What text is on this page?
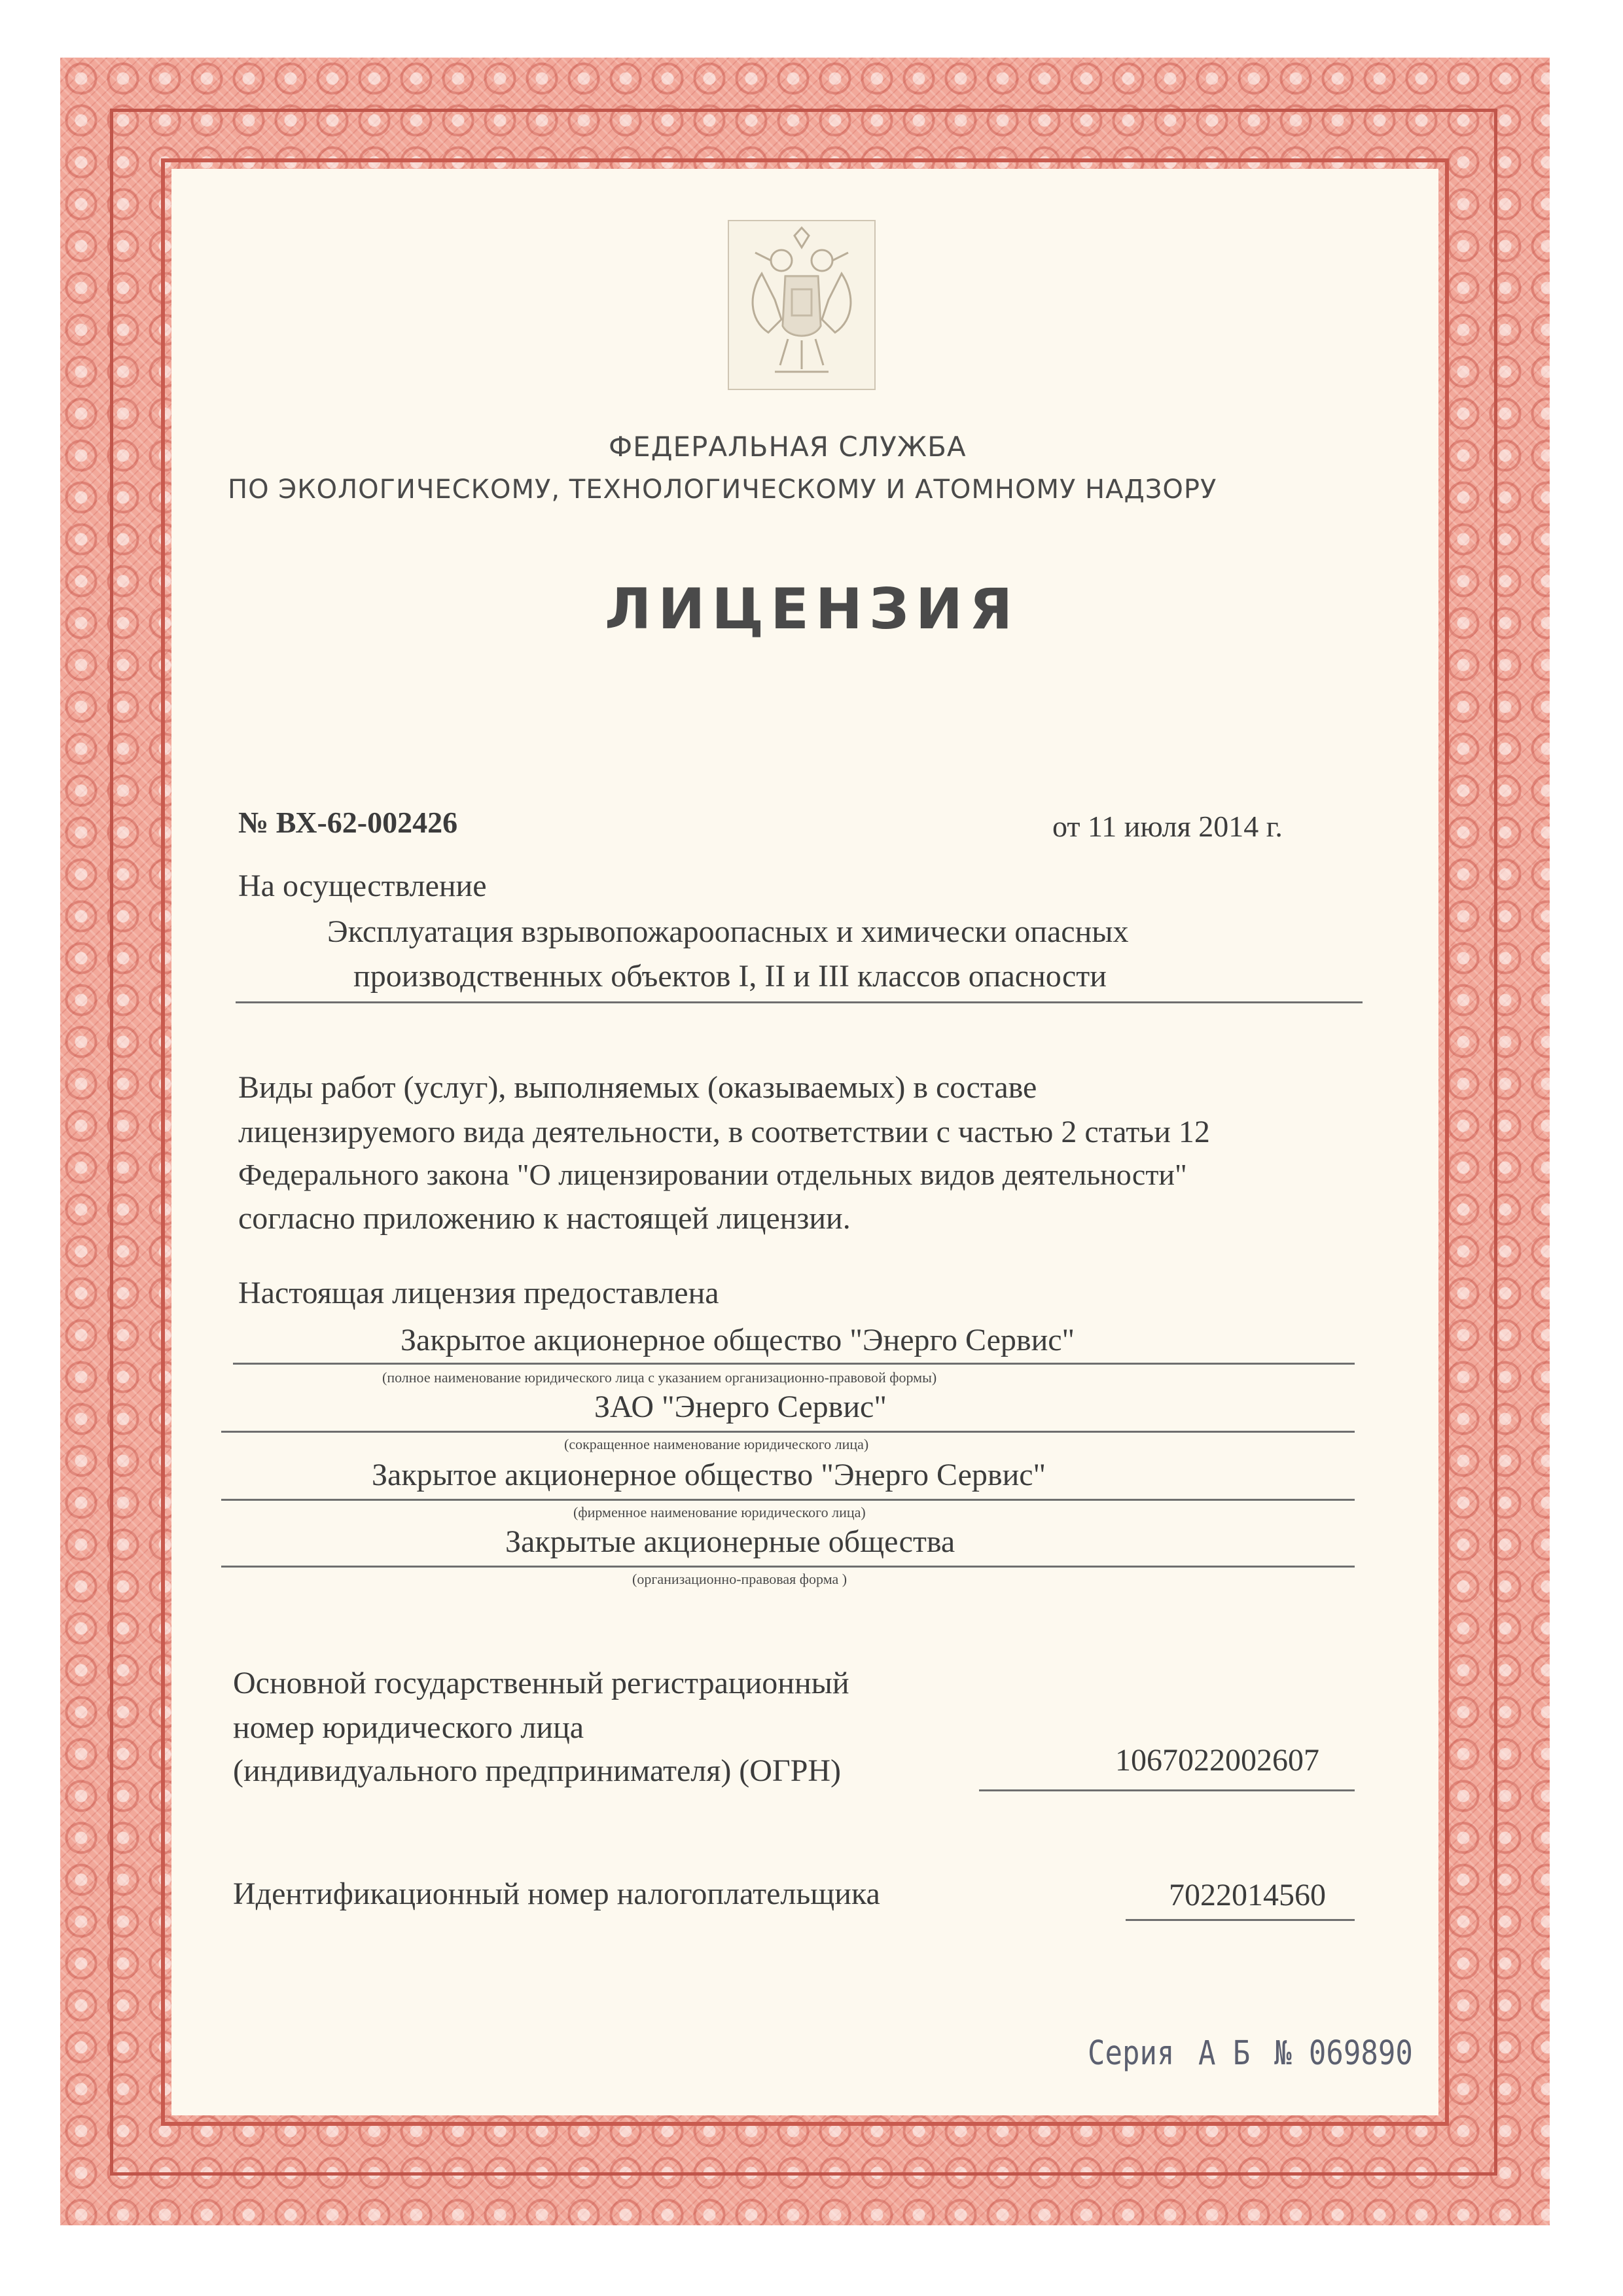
ФЕДЕРАЛЬНАЯ СЛУЖБА
ПО ЭКОЛОГИЧЕСКОМУ, ТЕХНОЛОГИЧЕСКОМУ И АТОМНОМУ НАДЗОРУ
ЛИЦЕНЗИЯ
№ ВХ-62-002426	от 11 июля 2014 г.
На осуществление
Эксплуатация взрывопожароопасных и химически опасных
производственных объектов I, II и III классов опасности
Виды работ (услуг), выполняемых (оказываемых) в составе
лицензируемого вида деятельности, в соответствии с частью 2 статьи 12
Федерального закона "О лицензировании отдельных видов деятельности"
согласно приложению к настоящей лицензии.
Настоящая лицензия предоставлена
Закрытое акционерное общество "Энерго Сервис"
(полное наименование юридического лица с указанием организационно-правовой формы)
ЗАО "Энерго Сервис"
(сокращенное наименование юридического лица)
Закрытое акционерное общество "Энерго Сервис"
(фирменное наименование юридического лица)
Закрытые акционерные общества
(организационно-правовая форма )
Основной государственный регистрационный
номер юридического лица
(индивидуального предпринимателя) (ОГРН)	1067022002607
Идентификационный номер налогоплательщика	7022014560
Серия А Б № 069890
